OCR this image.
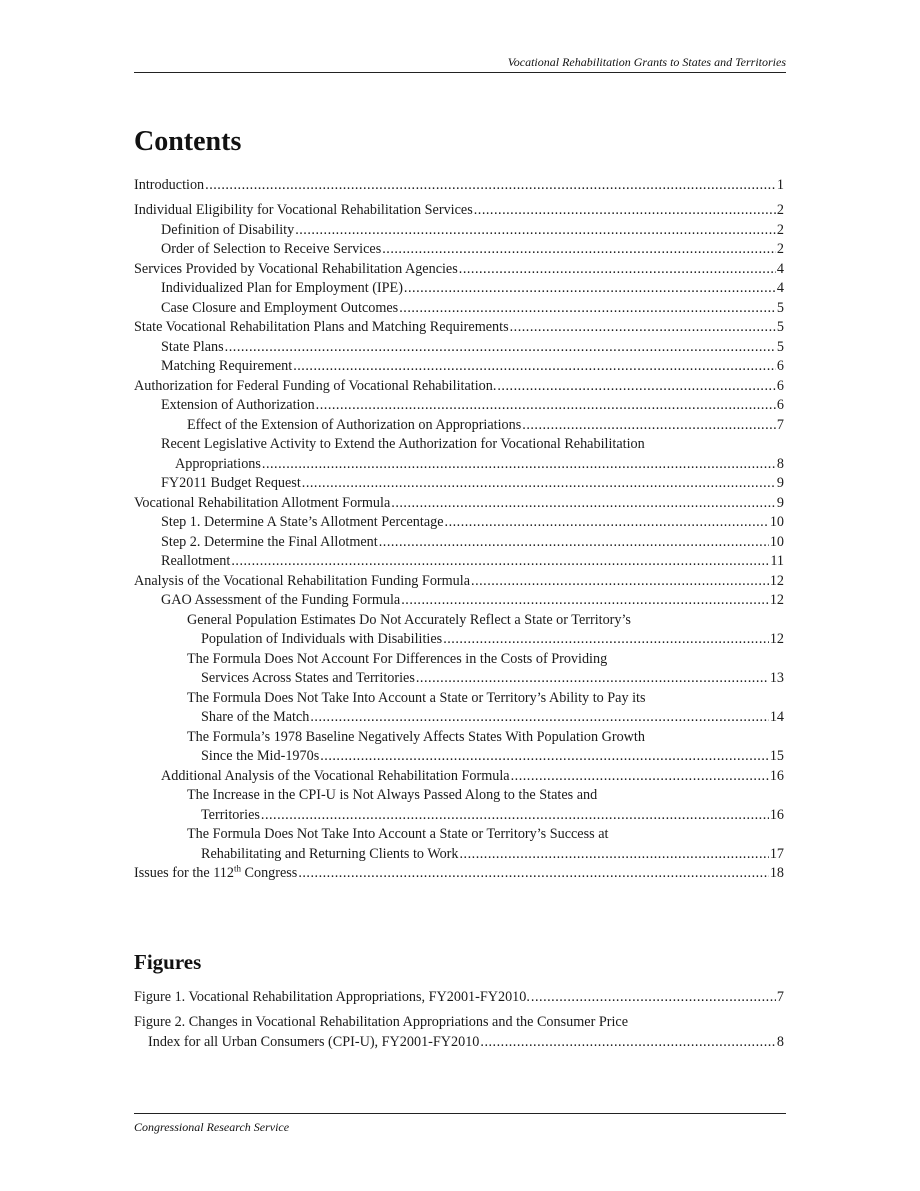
Vocational Rehabilitation Grants to States and Territories
Contents
Introduction .....	1
Individual Eligibility for Vocational Rehabilitation Services .....	2
Definition of Disability .....	2
Order of Selection to Receive Services .....	2
Services Provided by Vocational Rehabilitation Agencies .....	4
Individualized Plan for Employment (IPE) .....	4
Case Closure and Employment Outcomes .....	5
State Vocational Rehabilitation Plans and Matching Requirements .....	5
State Plans .....	5
Matching Requirement .....	6
Authorization for Federal Funding of Vocational Rehabilitation. .....	6
Extension of Authorization .....	6
Effect of the Extension of Authorization on Appropriations .....	7
Recent Legislative Activity to Extend the Authorization for Vocational Rehabilitation
Appropriations .....	8
FY2011 Budget Request .....	9
Vocational Rehabilitation Allotment Formula .....	9
Step 1. Determine A State’s Allotment Percentage .....	10
Step 2. Determine the Final Allotment .....	10
Reallotment .....	11
Analysis of the Vocational Rehabilitation Funding Formula .....	12
GAO Assessment of the Funding Formula .....	12
General Population Estimates Do Not Accurately Reflect a State or Territory’s
Population of Individuals with Disabilities .....	12
The Formula Does Not Account For Differences in the Costs of Providing
Services Across States and Territories .....	13
The Formula Does Not Take Into Account a State or Territory’s Ability to Pay its
Share of the Match .....	14
The Formula’s 1978 Baseline Negatively Affects States With Population Growth
Since the Mid-1970s .....	15
Additional Analysis of the Vocational Rehabilitation Formula .....	16
The Increase in the CPI-U is Not Always Passed Along to the States and
Territories .....	16
The Formula Does Not Take Into Account a State or Territory’s Success at
Rehabilitating and Returning Clients to Work .....	17
Issues for the 112th Congress .....	18
Figures
Figure 1. Vocational Rehabilitation Appropriations, FY2001-FY2010. .....	7
Figure 2. Changes in Vocational Rehabilitation Appropriations and the Consumer Price
Index for all Urban Consumers (CPI-U), FY2001-FY2010 .....	8
Congressional Research Service
